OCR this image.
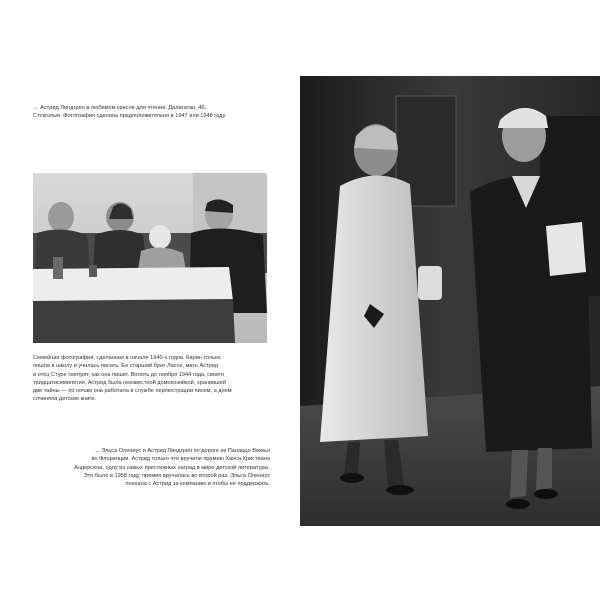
← Астрид Линдгрен в любимом кресле для чтения. Далагатан, 46,
Стокгольм. Фотография сделана предположительно в 1947 или 1948 году.
Семейная фотография, сделанная в начале 1940-х годов. Карин только
пошла в школу и училась писать. Ее старший брат Лассе, мать Астрид
и отец Стуре смотрят, как она пишет. Вплоть до ноября 1944 года, своего
тридцатисемилетия, Астрид была неизвестной домохозяйкой, хранившей
две тайны — по ночам она работала в службе перлюстрации писем, а днем
сочиняла детские книги.
→ Эльса Олениус и Астрид Линдгрен по дороге из Палаццо Веккьо
во Флоренции. Астрид только что вручили премию Ханса Кристиана
Андерсена, одну из самых престижных наград в мире детской литературы.
Это было в 1958 году, премия вручалась во второй раз. Эльса Олениус
поехала с Астрид за компанию и чтобы ее поддержать.
